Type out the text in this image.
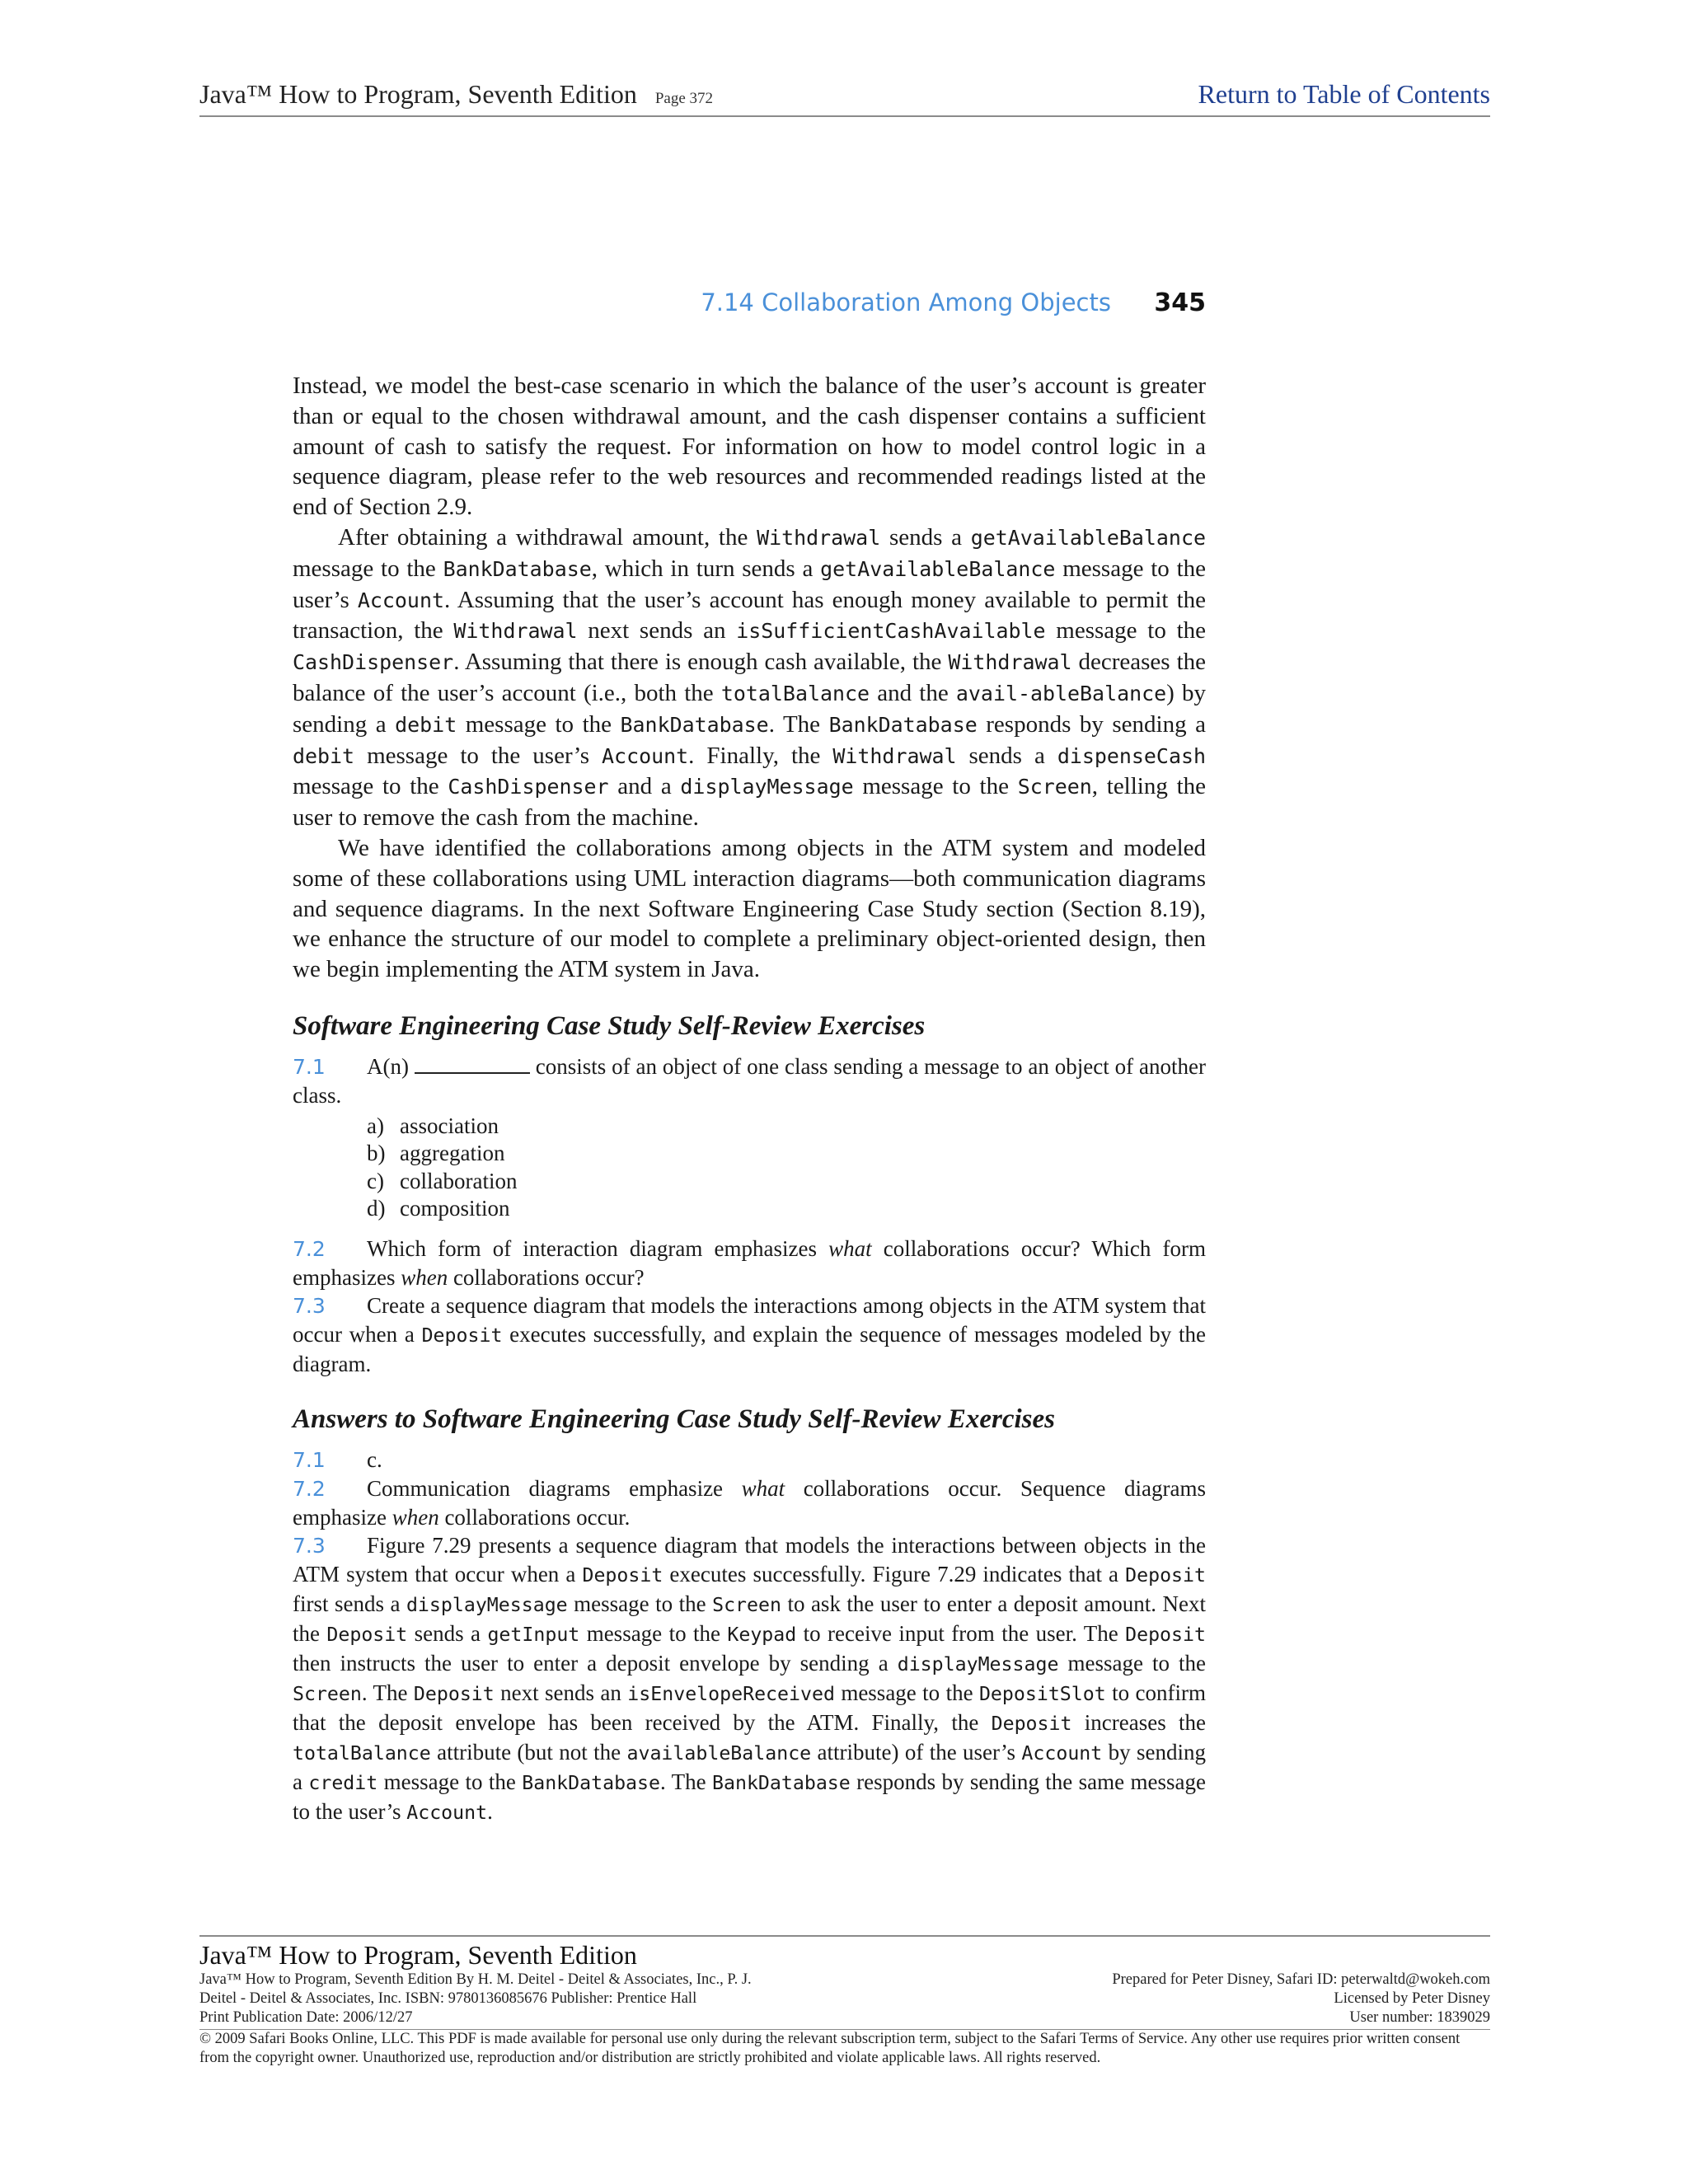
Java™ How to Program, Seventh Edition Page 372	Return to Table of Contents
7.14 Collaboration Among Objects 345

Instead, we model the best-case scenario in which the balance of the user’s account is greater than or equal to the chosen withdrawal amount, and the cash dispenser contains a sufficient amount of cash to satisfy the request. For information on how to model control logic in a sequence diagram, please refer to the web resources and recommended readings listed at the end of Section 2.9.

After obtaining a withdrawal amount, the Withdrawal sends a getAvailableBalance message to the BankDatabase, which in turn sends a getAvailableBalance message to the user’s Account. Assuming that the user’s account has enough money available to permit the transaction, the Withdrawal next sends an isSufficientCashAvailable message to the CashDispenser. Assuming that there is enough cash available, the Withdrawal decreases the balance of the user’s account (i.e., both the totalBalance and the avail-ableBalance) by sending a debit message to the BankDatabase. The BankDatabase responds by sending a debit message to the user’s Account. Finally, the Withdrawal sends a dispenseCash message to the CashDispenser and a displayMessage message to the Screen, telling the user to remove the cash from the machine.

We have identified the collaborations among objects in the ATM system and modeled some of these collaborations using UML interaction diagrams—both communication diagrams and sequence diagrams. In the next Software Engineering Case Study section (Section 8.19), we enhance the structure of our model to complete a preliminary object-oriented design, then we begin implementing the ATM system in Java.

Software Engineering Case Study Self-Review Exercises

7.1 A(n)	consists of an object of one class sending a message to an object of another class.

a) association
b) aggregation
c) collaboration
d) composition

7.2 Which form of interaction diagram emphasizes what collaborations occur? Which form emphasizes when collaborations occur?

7.3 Create a sequence diagram that models the interactions among objects in the ATM system that occur when a Deposit executes successfully, and explain the sequence of messages modeled by the diagram.

Answers to Software Engineering Case Study Self-Review Exercises

7.1 c.

7.2 Communication diagrams emphasize what collaborations occur. Sequence diagrams emphasize when collaborations occur.

7.3 Figure 7.29 presents a sequence diagram that models the interactions between objects in the ATM system that occur when a Deposit executes successfully. Figure 7.29 indicates that a Deposit first sends a displayMessage message to the Screen to ask the user to enter a deposit amount. Next the Deposit sends a getInput message to the Keypad to receive input from the user. The Deposit then instructs the user to enter a deposit envelope by sending a displayMessage message to the Screen. The Deposit next sends an isEnvelopeReceived message to the DepositSlot to confirm that the deposit envelope has been received by the ATM. Finally, the Deposit increases the totalBalance attribute (but not the availableBalance attribute) of the user’s Account by sending a credit message to the BankDatabase. The BankDatabase responds by sending the same message to the user’s Account.

Java™ How to Program, Seventh Edition
Java™ How to Program, Seventh Edition By H. M. Deitel - Deitel & Associates, Inc., P. J.	Prepared for Peter Disney, Safari ID: peterwaltd@wokeh.com
Deitel - Deitel & Associates, Inc. ISBN: 9780136085676 Publisher: Prentice Hall	Licensed by Peter Disney
Print Publication Date: 2006/12/27	User number: 1839029
© 2009 Safari Books Online, LLC. This PDF is made available for personal use only during the relevant subscription term, subject to the Safari Terms of Service. Any other use requires prior written consent from the copyright owner. Unauthorized use, reproduction and/or distribution are strictly prohibited and violate applicable laws. All rights reserved.
